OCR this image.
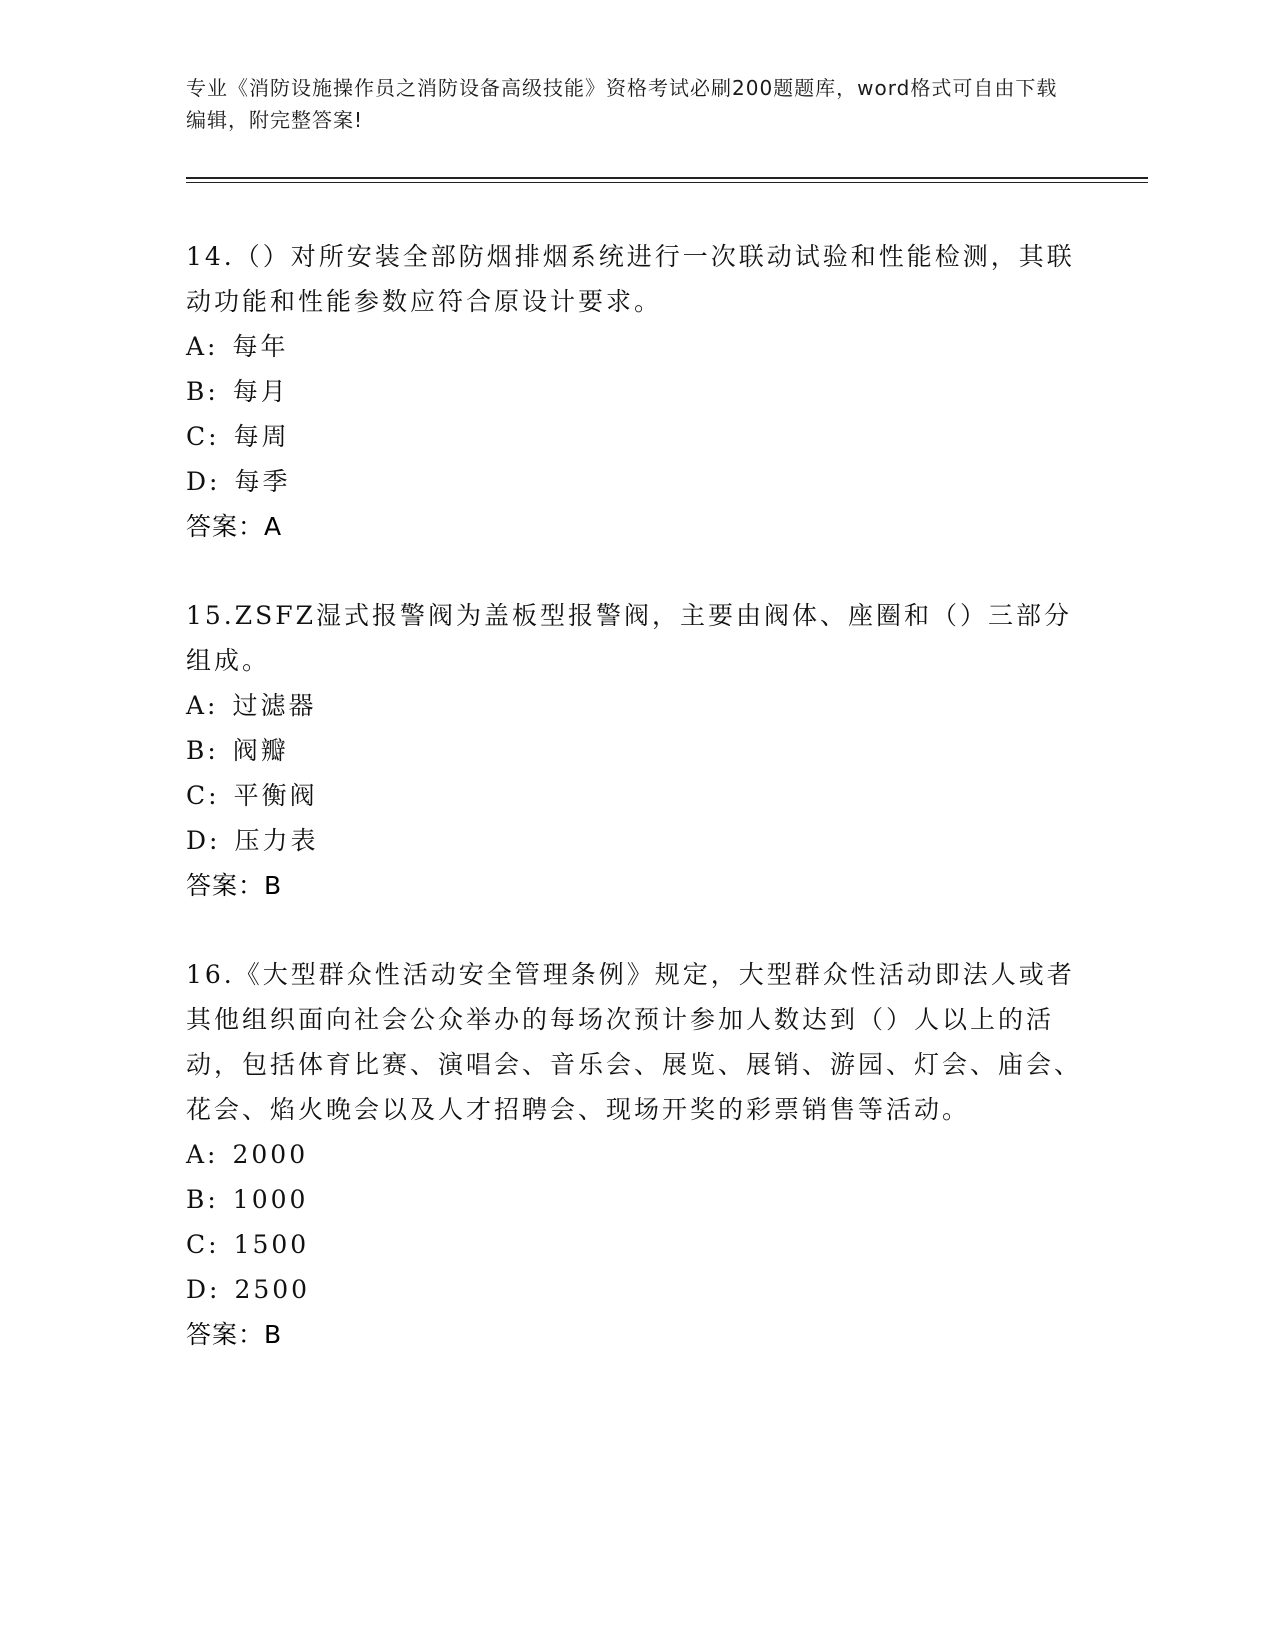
专业《消防设施操作员之消防设备高级技能》资格考试必刷200题题库，word格式可自由下载编辑，附完整答案!

14.（）对所安装全部防烟排烟系统进行一次联动试验和性能检测，其联动功能和性能参数应符合原设计要求。

A: 每年
B: 每月
C: 每周
D: 每季
答案：A

15.ZSFZ湿式报警阀为盖板型报警阀，主要由阀体、座圈和（）三部分组成。

A: 过滤器
B: 阀瓣
C: 平衡阀
D: 压力表
答案：B

16.《大型群众性活动安全管理条例》规定，大型群众性活动即法人或者其他组织面向社会公众举办的每场次预计参加人数达到（）人以上的活动，包括体育比赛、演唱会、音乐会、展览、展销、游园、灯会、庙会、花会、焰火晚会以及人才招聘会、现场开奖的彩票销售等活动。

A: 2000
B: 1000
C: 1500
D: 2500
答案：B
